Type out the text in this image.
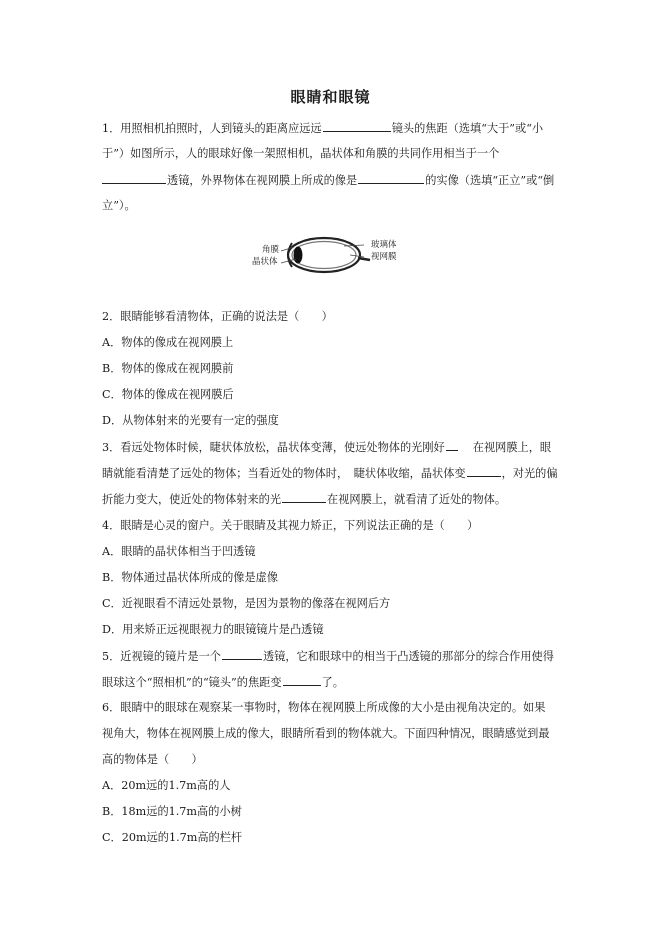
眼睛和眼镜
1．用照相机拍照时，人到镜头的距离应远远	镜头的焦距（选填“大于”或“小
于”）如图所示，人的眼球好像一架照相机，晶状体和角膜的共同作用相当于一个
透镜，外界物体在视网膜上所成的像是	的实像（选填“正立”或“倒
立”）。
角膜
晶状体
玻璃体
视网膜
2．眼睛能够看清物体，正确的说法是（　　）
A．物体的像成在视网膜上
B．物体的像成在视网膜前
C．物体的像成在视网膜后
D．从物体射来的光要有一定的强度
3．看远处物体时候，睫状体放松，晶状体变薄，使远处物体的光刚好	在视网膜上，眼
睛就能看清楚了远处的物体；当看近处的物体时，　睫状体收缩，晶状体变	，对光的偏
折能力变大，使近处的物体射来的光	在视网膜上，就看清了近处的物体。
4．眼睛是心灵的窗户。关于眼睛及其视力矫正，下列说法正确的是（　　）
A．眼睛的晶状体相当于凹透镜
B．物体通过晶状体所成的像是虚像
C．近视眼看不清远处景物，是因为景物的像落在视网后方
D．用来矫正远视眼视力的眼镜镜片是凸透镜
5．近视镜的镜片是一个	透镜，它和眼球中的相当于凸透镜的那部分的综合作用使得
眼球这个“照相机”的“镜头”的焦距变	了。
6．眼睛中的眼球在观察某一事物时，物体在视网膜上所成像的大小是由视角决定的。如果
视角大，物体在视网膜上成的像大，眼睛所看到的物体就大。下面四种情况，眼睛感觉到最
高的物体是（　　）
A．20m远的1.7m高的人
B．18m远的1.7m高的小树
C．20m远的1.7m高的栏杆
